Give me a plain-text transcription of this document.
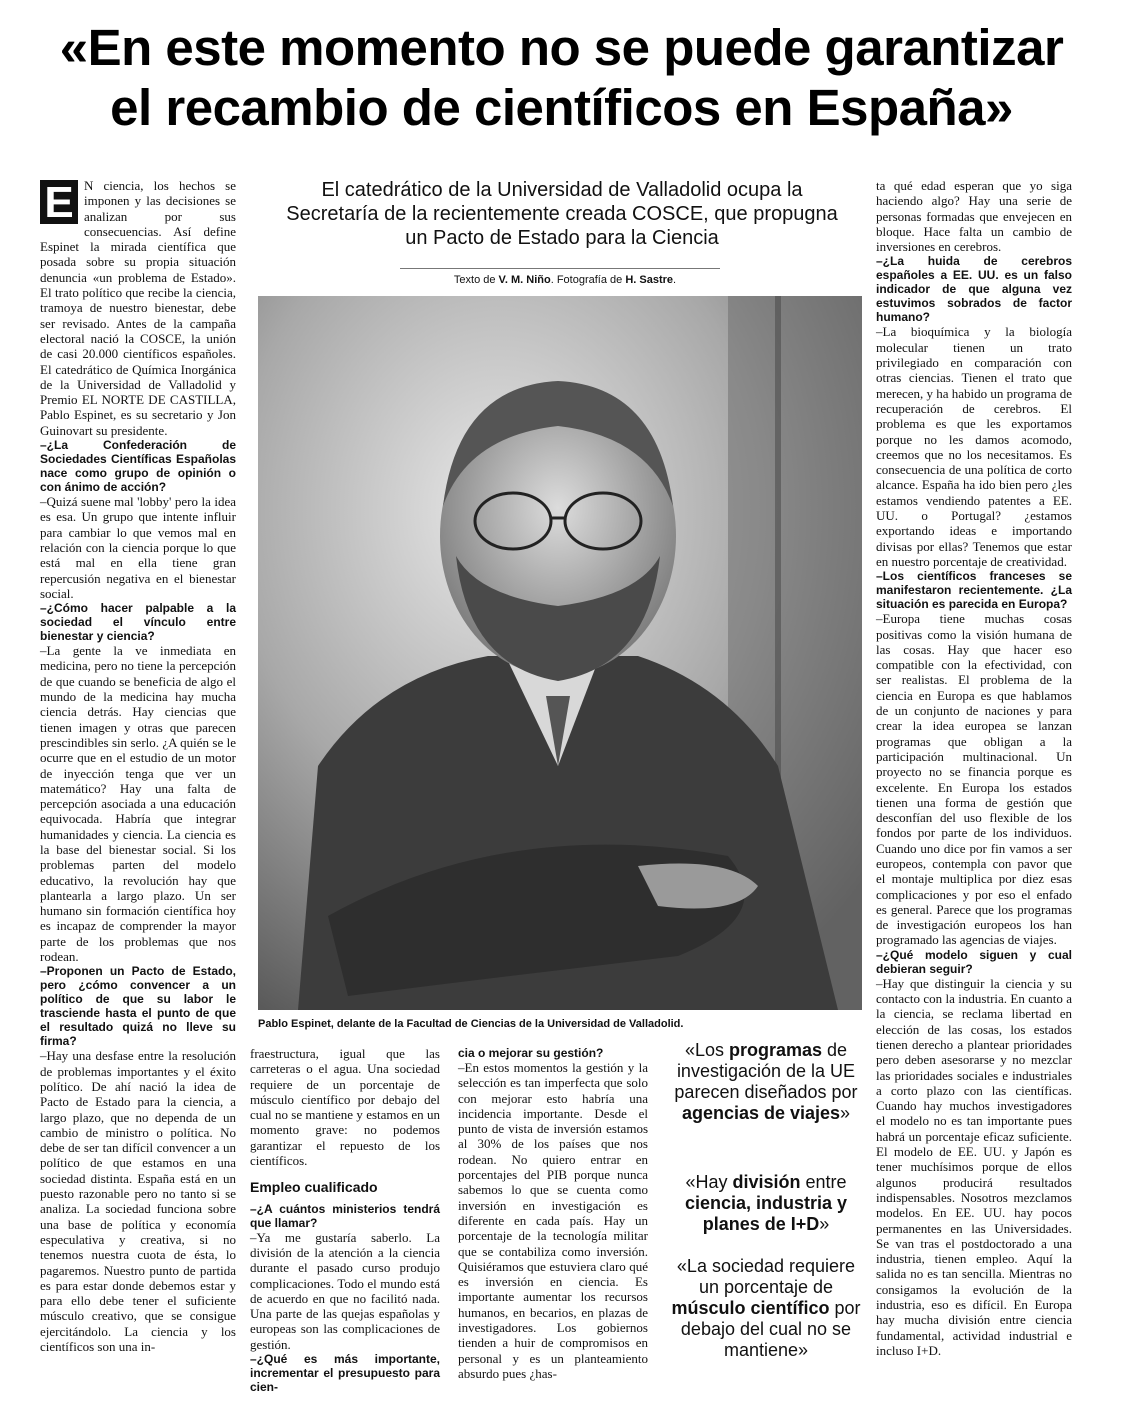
«En este momento no se puede garantizar
el recambio de científicos en España»
E N ciencia, los hechos se imponen y las decisiones se analizan por sus consecuencias. Así define Espinet la mirada científica que posada sobre su propia situación denuncia «un problema de Estado». El trato político que recibe la ciencia, tramoya de nuestro bienestar, debe ser revisado. Antes de la campaña electoral nació la COSCE, la unión de casi 20.000 científicos españoles. El catedrático de Química Inorgánica de la Universidad de Valladolid y Premio EL NORTE DE CASTILLA, Pablo Espinet, es su secretario y Jon Guinovart su presidente.

–¿La Confederación de Sociedades Científicas Españolas nace como grupo de opinión o con ánimo de acción?

–Quizá suene mal 'lobby' pero la idea es esa. Un grupo que intente influir para cambiar lo que vemos mal en relación con la ciencia porque lo que está mal en ella tiene gran repercusión negativa en el bienestar social.

–¿Cómo hacer palpable a la sociedad el vínculo entre bienestar y ciencia?

–La gente la ve inmediata en medicina, pero no tiene la percepción de que cuando se beneficia de algo el mundo de la medicina hay mucha ciencia detrás. Hay ciencias que tienen imagen y otras que parecen prescindibles sin serlo. ¿A quién se le ocurre que en el estudio de un motor de inyección tenga que ver un matemático? Hay una falta de percepción asociada a una educación equivocada. Habría que integrar humanidades y ciencia. La ciencia es la base del bienestar social. Si los problemas parten del modelo educativo, la revolución hay que plantearla a largo plazo. Un ser humano sin formación científica hoy es incapaz de comprender la mayor parte de los problemas que nos rodean.

–Proponen un Pacto de Estado, pero ¿cómo convencer a un político de que su labor le trasciende hasta el punto de que el resultado quizá no lleve su firma?

–Hay una desfase entre la resolución de problemas importantes y el éxito político. De ahí nació la idea de Pacto de Estado para la ciencia, a largo plazo, que no dependa de un cambio de ministro o política. No debe de ser tan difícil convencer a un político de que estamos en una sociedad distinta. España está en un puesto razonable pero no tanto si se analiza. La sociedad funciona sobre una base de política y economía especulativa y creativa, si no tenemos nuestra cuota de ésta, lo pagaremos. Nuestro punto de partida es para estar donde debemos estar y para ello debe tener el suficiente músculo creativo, que se consigue ejercitándolo. La ciencia y los científicos son una in-

El catedrático de la Universidad de Valladolid ocupa la Secretaría de la recientemente creada COSCE, que propugna un Pacto de Estado para la Ciencia
Texto de V. M. Niño. Fotografía de H. Sastre.
Pablo Espinet, delante de la Facultad de Ciencias de la Universidad de Valladolid.

fraestructura, igual que las carreteras o el agua. Una sociedad requiere de un porcentaje de músculo científico por debajo del cual no se mantiene y estamos en un momento grave: no podemos garantizar el repuesto de los científicos.

Empleo cualificado

–¿A cuántos ministerios tendrá que llamar?

–Ya me gustaría saberlo. La división de la atención a la ciencia durante el pasado curso produjo complicaciones. Todo el mundo está de acuerdo en que no facilitó nada. Una parte de las quejas españolas y europeas son las complicaciones de gestión.

–¿Qué es más importante, incrementar el presupuesto para cien-

cia o mejorar su gestión?

–En estos momentos la gestión y la selección es tan imperfecta que solo con mejorar esto habría una incidencia importante. Desde el punto de vista de inversión estamos al 30% de los países que nos rodean. No quiero entrar en porcentajes del PIB porque nunca sabemos lo que se cuenta como inversión en investigación es diferente en cada país. Hay un porcentaje de la tecnología militar que se contabiliza como inversión. Quisiéramos que estuviera claro qué es inversión en ciencia. Es importante aumentar los recursos humanos, en becarios, en plazas de investigadores. Los gobiernos tienden a huir de compromisos en personal y es un planteamiento absurdo pues ¿has-

«Los programas de investigación de la UE parecen diseñados por agencias de viajes»
«Hay división entre ciencia, industria y planes de I+D»
«La sociedad requiere un porcentaje de músculo científico por debajo del cual no se mantiene»

ta qué edad esperan que yo siga haciendo algo? Hay una serie de personas formadas que envejecen en bloque. Hace falta un cambio de inversiones en cerebros.

–¿La huida de cerebros españoles a EE. UU. es un falso indicador de que alguna vez estuvimos sobrados de factor humano?

–La bioquímica y la biología molecular tienen un trato privilegiado en comparación con otras ciencias. Tienen el trato que merecen, y ha habido un programa de recuperación de cerebros. El problema es que les exportamos porque no les damos acomodo, creemos que no los necesitamos. Es consecuencia de una política de corto alcance. España ha ido bien pero ¿les estamos vendiendo patentes a EE. UU. o Portugal? ¿estamos exportando ideas e importando divisas por ellas? Tenemos que estar en nuestro porcentaje de creatividad.

–Los científicos franceses se manifestaron recientemente. ¿La situación es parecida en Europa?

–Europa tiene muchas cosas positivas como la visión humana de las cosas. Hay que hacer eso compatible con la efectividad, con ser realistas. El problema de la ciencia en Europa es que hablamos de un conjunto de naciones y para crear la idea europea se lanzan programas que obligan a la participación multinacional. Un proyecto no se financia porque es excelente. En Europa los estados tienen una forma de gestión que desconfían del uso flexible de los fondos por parte de los individuos. Cuando uno dice por fin vamos a ser europeos, contempla con pavor que el montaje multiplica por diez esas complicaciones y por eso el enfado es general. Parece que los programas de investigación europeos los han programado las agencias de viajes.

–¿Qué modelo siguen y cual debieran seguir?

–Hay que distinguir la ciencia y su contacto con la industria. En cuanto a la ciencia, se reclama libertad en elección de las cosas, los estados tienen derecho a plantear prioridades pero deben asesorarse y no mezclar las prioridades sociales e industriales a corto plazo con las científicas. Cuando hay muchos investigadores el modelo no es tan importante pues habrá un porcentaje eficaz suficiente. El modelo de EE. UU. y Japón es tener muchísimos porque de ellos algunos producirá resultados indispensables. Nosotros mezclamos modelos. En EE. UU. hay pocos permanentes en las Universidades. Se van tras el postdoctorado a una industria, tienen empleo. Aquí la salida no es tan sencilla. Mientras no consigamos la evolución de la industria, eso es difícil. En Europa hay mucha división entre ciencia fundamental, actividad industrial e incluso I+D.
